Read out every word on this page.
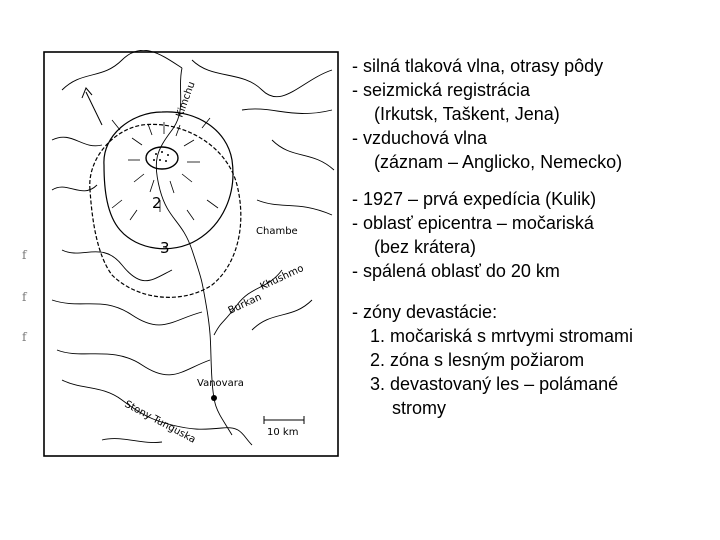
f
f
f
Kimchu
Chambe
Burkan
Khushmo
Vanovara
Stony Tunguska	10 km
2
3
- silná tlaková vlna, otrasy pôdy
- seizmická registrácia
(Irkutsk, Taškent, Jena)
- vzduchová vlna
(záznam – Anglicko, Nemecko)
- 1927 – prvá expedícia (Kulik)
- oblasť epicentra – močariská
(bez krátera)
- spálená oblasť do 20 km
- zóny devastácie:
1. močariská s mrtvymi stromami
2. zóna s lesným požiarom
3. devastovaný les – polámané
stromy
